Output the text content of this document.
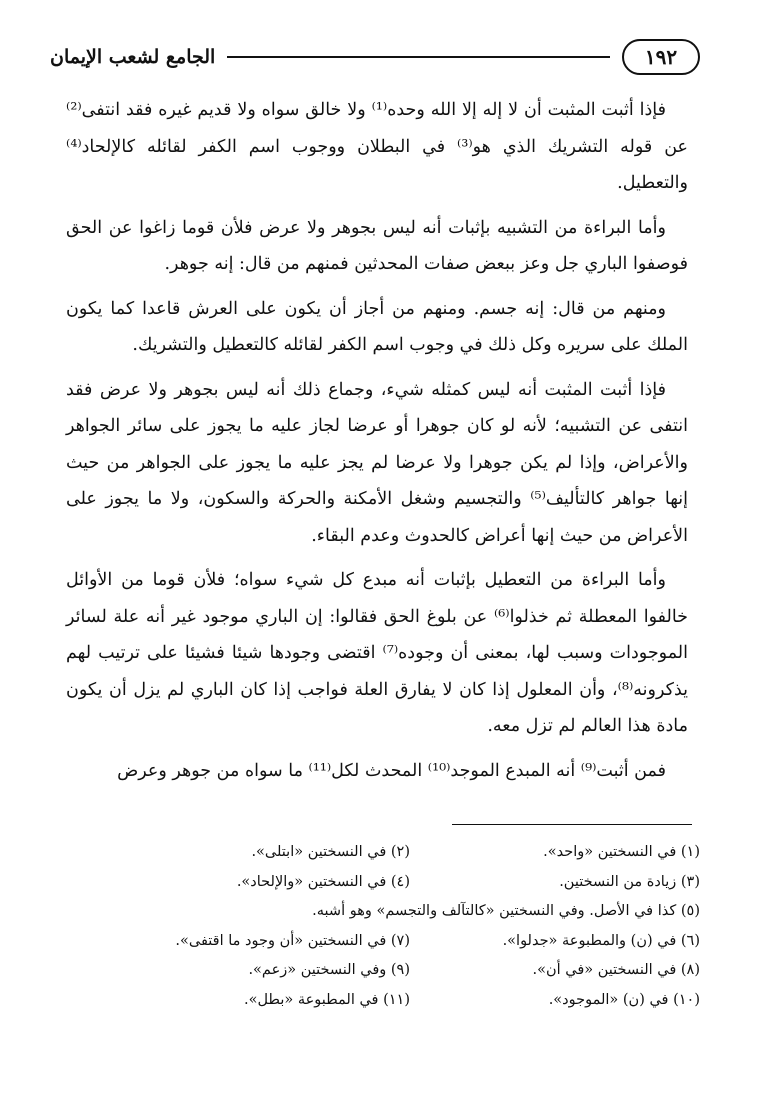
١٩٢
الجامع لشعب الإيمان

فإذا أثبت المثبت أن لا إله إلا الله وحده⁽¹⁾ ولا خالق سواه ولا قديم غيره فقد انتفى⁽²⁾ عن قوله التشريك الذي هو⁽³⁾ في البطلان ووجوب اسم الكفر لقائله كالإلحاد⁽⁴⁾ والتعطيل.

وأما البراءة من التشبيه بإثبات أنه ليس بجوهر ولا عرض فلأن قوما زاغوا عن الحق فوصفوا الباري جل وعز ببعض صفات المحدثين فمنهم من قال: إنه جوهر.

ومنهم من قال: إنه جسم. ومنهم من أجاز أن يكون على العرش قاعدا كما يكون الملك على سريره وكل ذلك في وجوب اسم الكفر لقائله كالتعطيل والتشريك.

فإذا أثبت المثبت أنه ليس كمثله شيء، وجماع ذلك أنه ليس بجوهر ولا عرض فقد انتفى عن التشبيه؛ لأنه لو كان جوهرا أو عرضا لجاز عليه ما يجوز على سائر الجواهر والأعراض، وإذا لم يكن جوهرا ولا عرضا لم يجز عليه ما يجوز على الجواهر من حيث إنها جواهر كالتأليف⁽⁵⁾ والتجسيم وشغل الأمكنة والحركة والسكون، ولا ما يجوز على الأعراض من حيث إنها أعراض كالحدوث وعدم البقاء.

وأما البراءة من التعطيل بإثبات أنه مبدع كل شيء سواه؛ فلأن قوما من الأوائل خالفوا المعطلة ثم خذلوا⁽⁶⁾ عن بلوغ الحق فقالوا: إن الباري موجود غير أنه علة لسائر الموجودات وسبب لها، بمعنى أن وجوده⁽⁷⁾ اقتضى وجودها شيئا فشيئا على ترتيب لهم يذكرونه⁽⁸⁾، وأن المعلول إذا كان لا يفارق العلة فواجب إذا كان الباري لم يزل أن يكون مادة هذا العالم لم تزل معه.

فمن أثبت⁽⁹⁾ أنه المبدع الموجد⁽¹⁰⁾ المحدث لكل⁽¹¹⁾ ما سواه من جوهر وعرض

(١) في النسختين «واحد».
(٢) في النسختين «ابتلى».
(٣) زيادة من النسختين.
(٤) في النسختين «والإلحاد».
(٥) كذا في الأصل. وفي النسختين «كالتآلف والتجسم» وهو أشبه.
(٦) في (ن) والمطبوعة «جدلوا».
(٧) في النسختين «أن وجود ما اقتفى».
(٨) في النسختين «في أن».
(٩) وفي النسختين «زعم».
(١٠) في (ن) «الموجود».
(١١) في المطبوعة «بطل».
